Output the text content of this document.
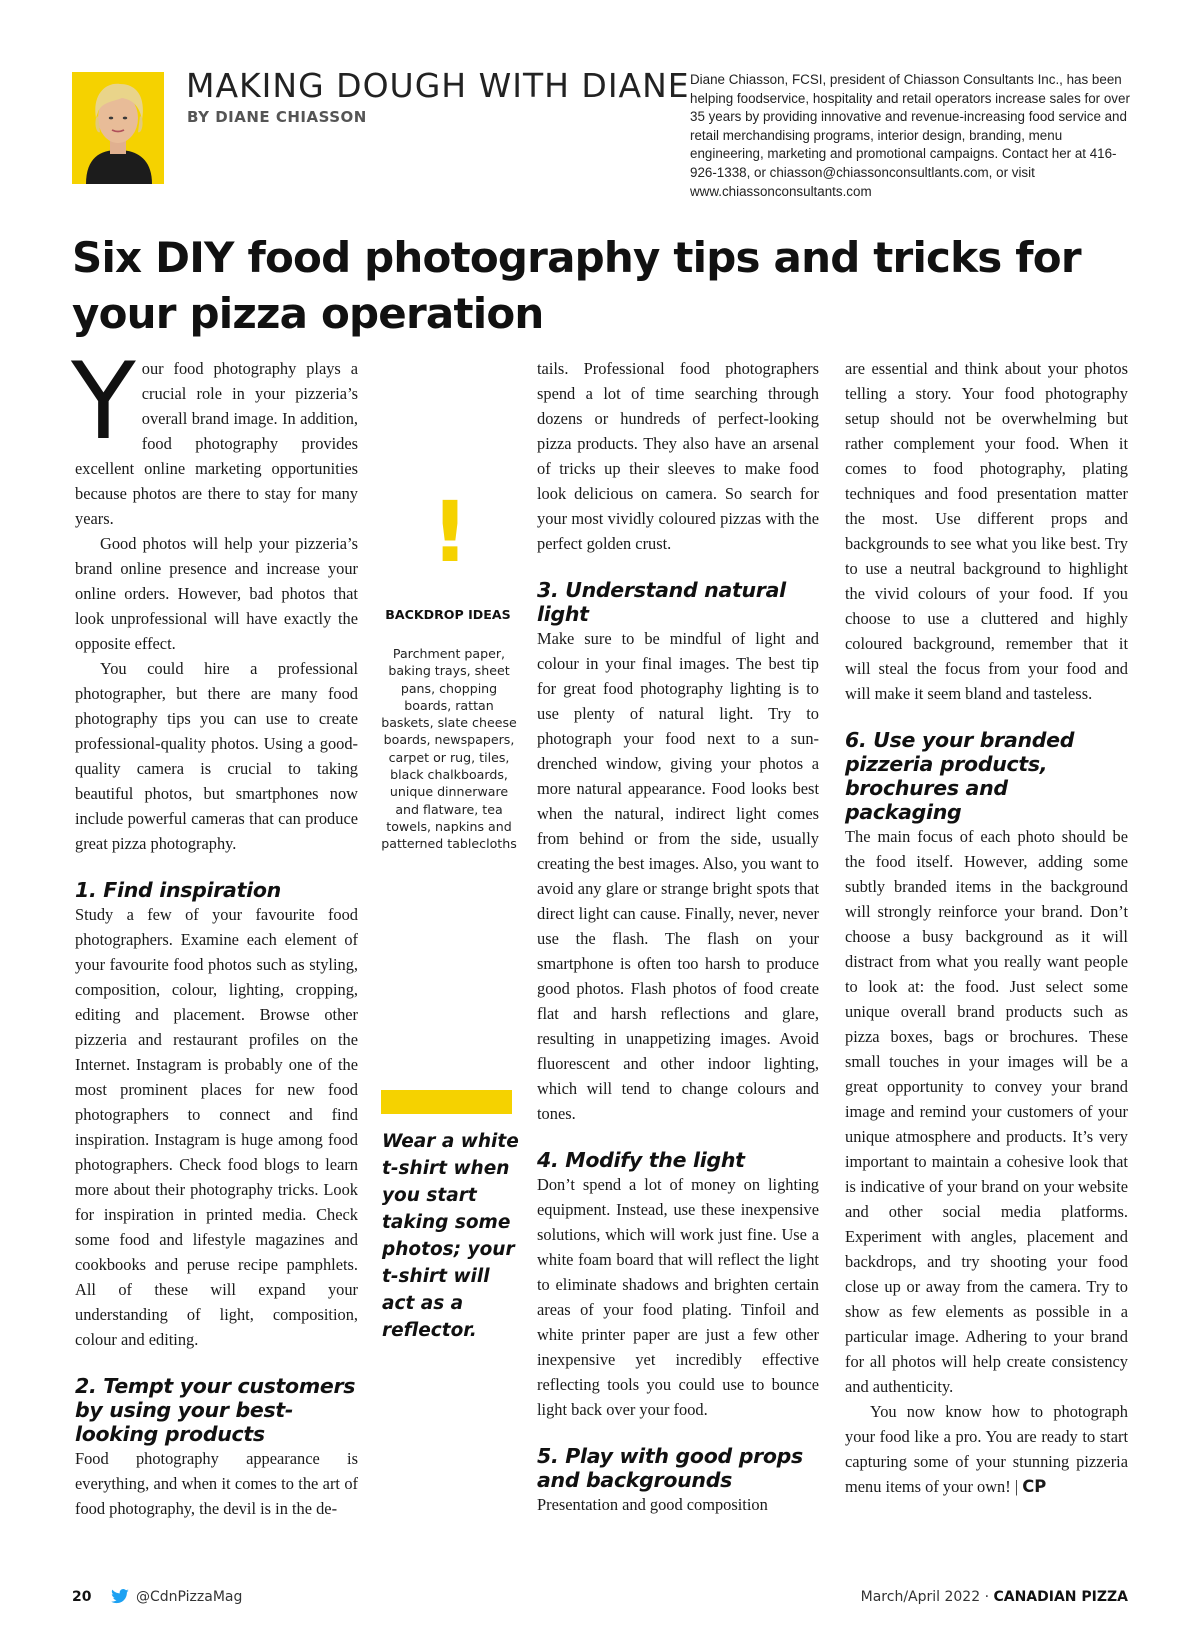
MAKING DOUGH WITH DIANE
BY DIANE CHIASSON

Diane Chiasson, FCSI, president of Chiasson Consultants Inc., has been helping foodservice, hospitality and retail operators increase sales for over 35 years by providing innovative and revenue-increasing food service and retail merchandising programs, interior design, branding, menu engineering, marketing and promotional campaigns. Contact her at 416-926-1338, or chiasson@chiassonconsultlants.com, or visit www.chiassonconsultants.com

Six DIY food photography tips and tricks for your pizza operation

Your food photography plays a crucial role in your pizzeria’s overall brand image. In addition, food photography provides excellent online marketing opportunities because photos are there to stay for many years.

Good photos will help your pizzeria’s brand online presence and increase your online orders. However, bad photos that look unprofessional will have exactly the opposite effect.

You could hire a professional photographer, but there are many food photography tips you can use to create professional-quality photos. Using a good-quality camera is crucial to taking beautiful photos, but smartphones now include powerful cameras that can produce great pizza photography.

1. Find inspiration

Study a few of your favourite food photographers. Examine each element of your favourite food photos such as styling, composition, colour, lighting, cropping, editing and placement. Browse other pizzeria and restaurant profiles on the Internet. Instagram is probably one of the most prominent places for new food photographers to connect and find inspiration. Instagram is huge among food photographers. Check food blogs to learn more about their photography tricks. Look for inspiration in printed media. Check some food and lifestyle magazines and cookbooks and peruse recipe pamphlets. All of these will expand your understanding of light, composition, colour and editing.

2. Tempt your customers by using your best-looking products

Food photography appearance is everything, and when it comes to the art of food photography, the devil is in the de-

!
BACKDROP IDEAS

Parchment paper, baking trays, sheet pans, chopping boards, rattan baskets, slate cheese boards, newspapers, carpet or rug, tiles, black chalkboards, unique dinnerware and flatware, tea towels, napkins and patterned tablecloths

Wear a white t-shirt when you start taking some photos; your t-shirt will act as a reflector.

tails. Professional food photographers spend a lot of time searching through dozens or hundreds of perfect-looking pizza products. They also have an arsenal of tricks up their sleeves to make food look delicious on camera. So search for your most vividly coloured pizzas with the perfect golden crust.

3. Understand natural light

Make sure to be mindful of light and colour in your final images. The best tip for great food photography lighting is to use plenty of natural light. Try to photograph your food next to a sun-drenched window, giving your photos a more natural appearance. Food looks best when the natural, indirect light comes from behind or from the side, usually creating the best images. Also, you want to avoid any glare or strange bright spots that direct light can cause. Finally, never, never use the flash. The flash on your smartphone is often too harsh to produce good photos. Flash photos of food create flat and harsh reflections and glare, resulting in unappetizing images. Avoid fluorescent and other indoor lighting, which will tend to change colours and tones.

4. Modify the light

Don’t spend a lot of money on lighting equipment. Instead, use these inexpensive solutions, which will work just fine. Use a white foam board that will reflect the light to eliminate shadows and brighten certain areas of your food plating. Tinfoil and white printer paper are just a few other inexpensive yet incredibly effective reflecting tools you could use to bounce light back over your food.

5. Play with good props and backgrounds

Presentation and good composition

are essential and think about your photos telling a story. Your food photography setup should not be overwhelming but rather complement your food. When it comes to food photography, plating techniques and food presentation matter the most. Use different props and backgrounds to see what you like best. Try to use a neutral background to highlight the vivid colours of your food. If you choose to use a cluttered and highly coloured background, remember that it will steal the focus from your food and will make it seem bland and tasteless.

6. Use your branded pizzeria products, brochures and packaging

The main focus of each photo should be the food itself. However, adding some subtly branded items in the background will strongly reinforce your brand. Don’t choose a busy background as it will distract from what you really want people to look at: the food. Just select some unique overall brand products such as pizza boxes, bags or brochures. These small touches in your images will be a great opportunity to convey your brand image and remind your customers of your unique atmosphere and products. It’s very important to maintain a cohesive look that is indicative of your brand on your website and other social media platforms. Experiment with angles, placement and backdrops, and try shooting your food close up or away from the camera. Try to show as few elements as possible in a particular image. Adhering to your brand for all photos will help create consistency and authenticity.

You now know how to photograph your food like a pro. You are ready to start capturing some of your stunning pizzeria menu items of your own! | CP

20	@CdnPizzaMag	March/April 2022 · CANADIAN PIZZA
